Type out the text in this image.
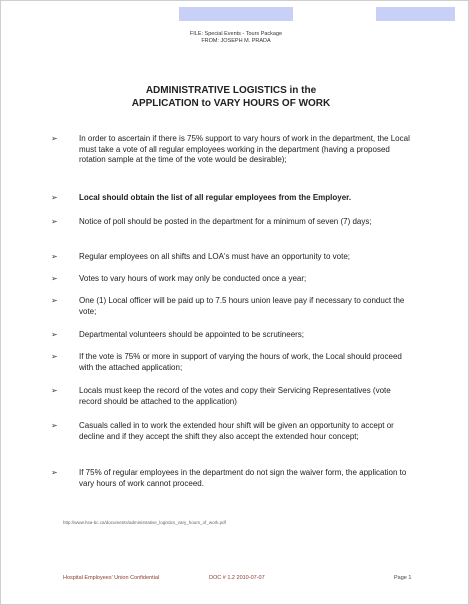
FILE: Special Events - Tours Package
FROM: JOSEPH M. PRADA
ADMINISTRATIVE LOGISTICS in the
APPLICATION to VARY HOURS OF WORK
➢	In order to ascertain if there is 75% support to vary hours of work in the department, the Local must take a vote of all regular employees working in the department (having a proposed rotation sample at the time of the vote would be desirable);
➢	Local should obtain the list of all regular employees from the Employer.
➢	Notice of poll should be posted in the department for a minimum of seven (7) days;
➢	Regular employees on all shifts and LOA's must have an opportunity to vote;
➢	Votes to vary hours of work may only be conducted once a year;
➢	One (1) Local officer will be paid up to 7.5 hours union leave pay if necessary to conduct the vote;
➢	Departmental volunteers should be appointed to be scrutineers;
➢	If the vote is 75% or more in support of varying the hours of work, the Local should proceed with the attached application;
➢	Locals must keep the record of the votes and copy their Servicing Representatives (vote record should be attached to the application)
➢	Casuals called in to work the extended hour shift will be given an opportunity to accept or decline and if they accept the shift they also accept the extended hour concept;
➢	If 75% of regular employees in the department do not sign the waiver form, the application to vary hours of work cannot proceed.
http://www.hsa-bc.ca/documents/administrative_logistics_vary_hours_of_work.pdf
Hospital Employees' Union Confidential	DOC # 1.2 2010-07-07	Page 1
